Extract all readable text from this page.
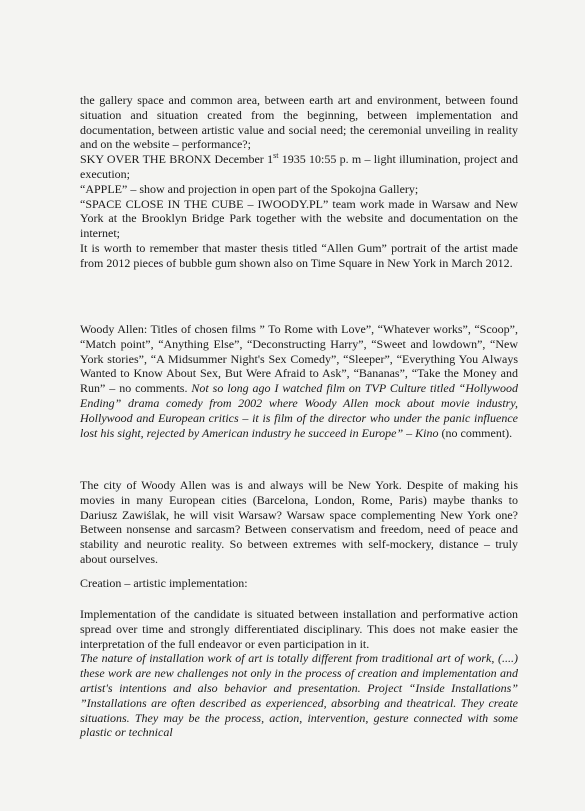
the gallery space and common area, between earth art and environment, between found situation and situation created from the beginning, between implementation and documentation, between artistic value and social need; the ceremonial unveiling in reality and on the website – performance?;

SKY OVER THE BRONX December 1st 1935 10:55 p. m – light illumination, project and execution;

“APPLE” – show and projection in open part of the Spokojna Gallery;

“SPACE CLOSE IN THE CUBE – IWOODY.PL” team work made in Warsaw and New York at the Brooklyn Bridge Park together with the website and documentation on the internet;

It is worth to remember that master thesis titled “Allen Gum” portrait of the artist made from 2012 pieces of bubble gum shown also on Time Square in New York in March 2012.

Woody Allen: Titles of chosen films ” To Rome with Love”, “Whatever works”, “Scoop”, “Match point”, “Anything Else”, “Deconstructing Harry”, “Sweet and lowdown”, “New York stories”, “A Midsummer Night's Sex Comedy”, “Sleeper”, “Everything You Always Wanted to Know About Sex, But Were Afraid to Ask”, “Bananas”, “Take the Money and Run” – no comments. Not so long ago I watched film on TVP Culture titled “Hollywood Ending” drama comedy from 2002 where Woody Allen mock about movie industry, Hollywood and European critics – it is film of the director who under the panic influence lost his sight, rejected by American industry he succeed in Europe” – Kino (no comment).

The city of Woody Allen was is and always will be New York. Despite of making his movies in many European cities (Barcelona, London, Rome, Paris) maybe thanks to Dariusz Zawiślak, he will visit Warsaw? Warsaw space complementing New York one? Between nonsense and sarcasm? Between conservatism and freedom, need of peace and stability and neurotic reality. So between extremes with self-mockery, distance – truly about ourselves.

Creation – artistic implementation:

Implementation of the candidate is situated between installation and performative action spread over time and strongly differentiated disciplinary. This does not make easier the interpretation of the full endeavor or even participation in it.

The nature of installation work of art is totally different from traditional art of work, (....) these work are new challenges not only in the process of creation and implementation and artist's intentions and also behavior and presentation. Project “Inside Installations” ”Installations are often described as experienced, absorbing and theatrical. They create situations. They may be the process, action, intervention, gesture connected with some plastic or technical
